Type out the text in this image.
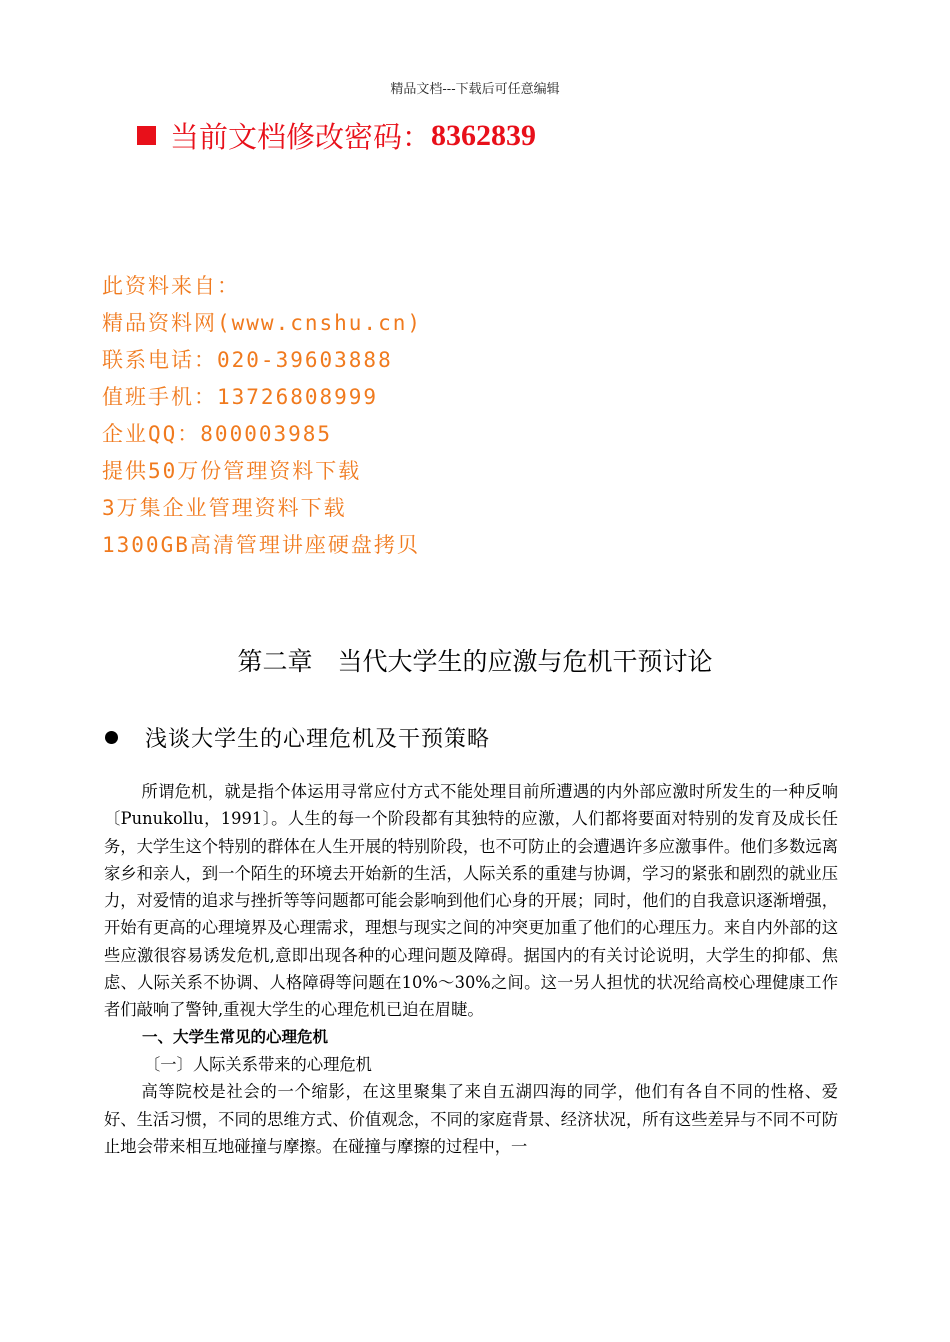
精品文档---下载后可任意编辑
当前文档修改密码： 8362839
此资料来自：
精品资料网(www.cnshu.cn)
联系电话：020-39603888
值班手机：13726808999
企业QQ：800003985
提供50万份管理资料下载
3万集企业管理资料下载
1300GB高清管理讲座硬盘拷贝
第二章　当代大学生的应激与危机干预讨论
浅谈大学生的心理危机及干预策略

所谓危机，就是指个体运用寻常应付方式不能处理目前所遭遇的内外部应激时所发生的一种反响〔Punukollu，1991〕。人生的每一个阶段都有其独特的应激，人们都将要面对特别的发育及成长任务，大学生这个特别的群体在人生开展的特别阶段，也不可防止的会遭遇许多应激事件。他们多数远离家乡和亲人，到一个陌生的环境去开始新的生活，人际关系的重建与协调，学习的紧张和剧烈的就业压力，对爱情的追求与挫折等等问题都可能会影响到他们心身的开展；同时，他们的自我意识逐渐增强，开始有更高的心理境界及心理需求，理想与现实之间的冲突更加重了他们的心理压力。来自内外部的这些应激很容易诱发危机,意即出现各种的心理问题及障碍。据国内的有关讨论说明，大学生的抑郁、焦虑、人际关系不协调、人格障碍等问题在10%～30%之间。这一另人担忧的状况给高校心理健康工作者们敲响了警钟,重视大学生的心理危机已迫在眉睫。

一、大学生常见的心理危机

〔一〕人际关系带来的心理危机

高等院校是社会的一个缩影，在这里聚集了来自五湖四海的同学，他们有各自不同的性格、爱好、生活习惯，不同的思维方式、价值观念，不同的家庭背景、经济状况，所有这些差异与不同不可防止地会带来相互地碰撞与摩擦。在碰撞与摩擦的过程中，一
